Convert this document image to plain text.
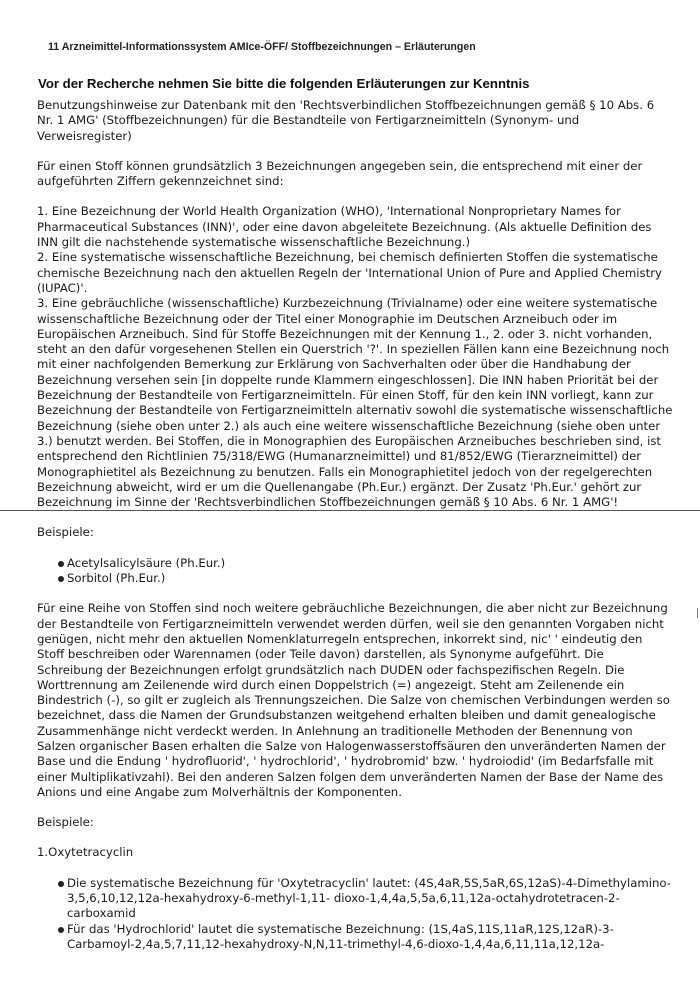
11 Arzneimittel-Informationssystem AMIce-ÖFF/ Stoffbezeichnungen – Erläuterungen
Vor der Recherche nehmen Sie bitte die folgenden Erläuterungen zur Kenntnis

Benutzungshinweise zur Datenbank mit den 'Rechtsverbindlichen Stoffbezeichnungen gemäß § 10 Abs. 6 Nr. 1 AMG' (Stoffbezeichnungen) für die Bestandteile von Fertigarzneimitteln (Synonym- und Verweisregister)

Für einen Stoff können grundsätzlich 3 Bezeichnungen angegeben sein, die entsprechend mit einer der aufgeführten Ziffern gekennzeichnet sind:

1. Eine Bezeichnung der World Health Organization (WHO), 'International Nonproprietary Names for Pharmaceutical Substances (INN)', oder eine davon abgeleitete Bezeichnung. (Als aktuelle Definition des INN gilt die nachstehende systematische wissenschaftliche Bezeichnung.)

2. Eine systematische wissenschaftliche Bezeichnung, bei chemisch definierten Stoffen die systematische chemische Bezeichnung nach den aktuellen Regeln der 'International Union of Pure and Applied Chemistry (IUPAC)'.

3. Eine gebräuchliche (wissenschaftliche) Kurzbezeichnung (Trivialname) oder eine weitere systematische wissenschaftliche Bezeichnung oder der Titel einer Monographie im Deutschen Arzneibuch oder im Europäischen Arzneibuch. Sind für Stoffe Bezeichnungen mit der Kennung 1., 2. oder 3. nicht vorhanden, steht an den dafür vorgesehenen Stellen ein Querstrich '?'. In speziellen Fällen kann eine Bezeichnung noch mit einer nachfolgenden Bemerkung zur Erklärung von Sachverhalten oder über die Handhabung der Bezeichnung versehen sein [in doppelte runde Klammern eingeschlossen]. Die INN haben Priorität bei der Bezeichnung der Bestandteile von Fertigarzneimitteln. Für einen Stoff, für den kein INN vorliegt, kann zur Bezeichnung der Bestandteile von Fertigarzneimitteln alternativ sowohl die systematische wissenschaftliche Bezeichnung (siehe oben unter 2.) als auch eine weitere wissenschaftliche Bezeichnung (siehe oben unter 3.) benutzt werden. Bei Stoffen, die in Monographien des Europäischen Arzneibuches beschrieben sind, ist entsprechend den Richtlinien 75/318/EWG (Humanarzneimittel) und 81/852/EWG (Tierarzneimittel) der Monographietitel als Bezeichnung zu benutzen. Falls ein Monographietitel jedoch von der regelgerechten Bezeichnung abweicht, wird er um die Quellenangabe (Ph.Eur.) ergänzt. Der Zusatz 'Ph.Eur.' gehört zur Bezeichnung im Sinne der 'Rechtsverbindlichen Stoffbezeichnungen gemäß § 10 Abs. 6 Nr. 1 AMG'!

Beispiele:

Acetylsalicylsäure (Ph.Eur.)
Sorbitol (Ph.Eur.)

Für eine Reihe von Stoffen sind noch weitere gebräuchliche Bezeichnungen, die aber nicht zur Bezeichnung der Bestandteile von Fertigarzneimitteln verwendet werden dürfen, weil sie den genannten Vorgaben nicht genügen, nicht mehr den aktuellen Nomenklaturregeln entsprechen, inkorrekt sind, nic' ' eindeutig den Stoff beschreiben oder Warennamen (oder Teile davon) darstellen, als Synonyme aufgeführt. Die Schreibung der Bezeichnungen erfolgt grundsätzlich nach DUDEN oder fachspezifischen Regeln. Die Worttrennung am Zeilenende wird durch einen Doppelstrich (=) angezeigt. Steht am Zeilenende ein Bindestrich (-), so gilt er zugleich als Trennungszeichen. Die Salze von chemischen Verbindungen werden so bezeichnet, dass die Namen der Grundsubstanzen weitgehend erhalten bleiben und damit genealogische Zusammenhänge nicht verdeckt werden. In Anlehnung an traditionelle Methoden der Benennung von Salzen organischer Basen erhalten die Salze von Halogenwasserstoffsäuren den unveränderten Namen der Base und die Endung ' hydrofluorid', ' hydrochlorid', ' hydrobromid' bzw. ' hydroiodid' (im Bedarfsfalle mit einer Multiplikativzahl). Bei den anderen Salzen folgen dem unveränderten Namen der Base der Name des Anions und eine Angabe zum Molverhältnis der Komponenten.

Beispiele:

1.Oxytetracyclin

Die systematische Bezeichnung für 'Oxytetracyclin' lautet: (4S,4aR,5S,5aR,6S,12aS)-4-Dimethylamino-3,5,6,10,12,12a-hexahydroxy-6-methyl-1,11- dioxo-1,4,4a,5,5a,6,11,12a-octahydrotetracen-2-carboxamid
Für das 'Hydrochlorid' lautet die systematische Bezeichnung: (1S,4aS,11S,11aR,12S,12aR)-3-Carbamoyl-2,4a,5,7,11,12-hexahydroxy-N,N,11-trimethyl-4,6-dioxo-1,4,4a,6,11,11a,12,12a-
